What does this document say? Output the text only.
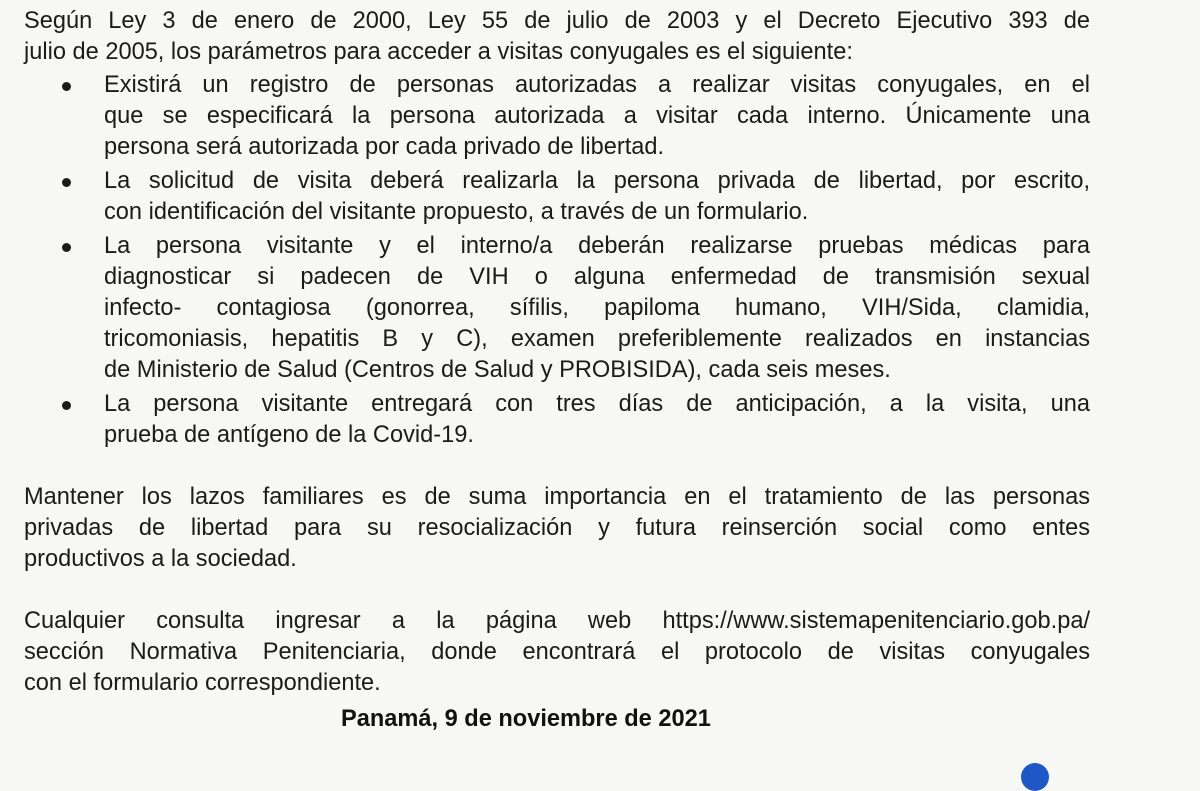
Según Ley 3 de enero de 2000, Ley 55 de julio de 2003 y el Decreto Ejecutivo 393 de
julio de 2005, los parámetros para acceder a visitas conyugales es el siguiente:

Existirá un registro de personas autorizadas a realizar visitas conyugales, en el
que se especificará la persona autorizada a visitar cada interno. Únicamente una
persona será autorizada por cada privado de libertad.
La solicitud de visita deberá realizarla la persona privada de libertad, por escrito,
con identificación del visitante propuesto, a través de un formulario.
La persona visitante y el interno/a deberán realizarse pruebas médicas para
diagnosticar si padecen de VIH o alguna enfermedad de transmisión sexual
infecto- contagiosa (gonorrea, sífilis, papiloma humano, VIH/Sida, clamidia,
tricomoniasis, hepatitis B y C), examen preferiblemente realizados en instancias
de Ministerio de Salud (Centros de Salud y PROBISIDA), cada seis meses.
La persona visitante entregará con tres días de anticipación, a la visita, una
prueba de antígeno de la Covid-19.
Mantener los lazos familiares es de suma importancia en el tratamiento de las personas
privadas de libertad para su resocialización y futura reinserción social como entes
productivos a la sociedad.
Cualquier consulta ingresar a la página web https://www.sistemapenitenciario.gob.pa/
sección Normativa Penitenciaria, donde encontrará el protocolo de visitas conyugales
con el formulario correspondiente.
Panamá, 9 de noviembre de 2021
